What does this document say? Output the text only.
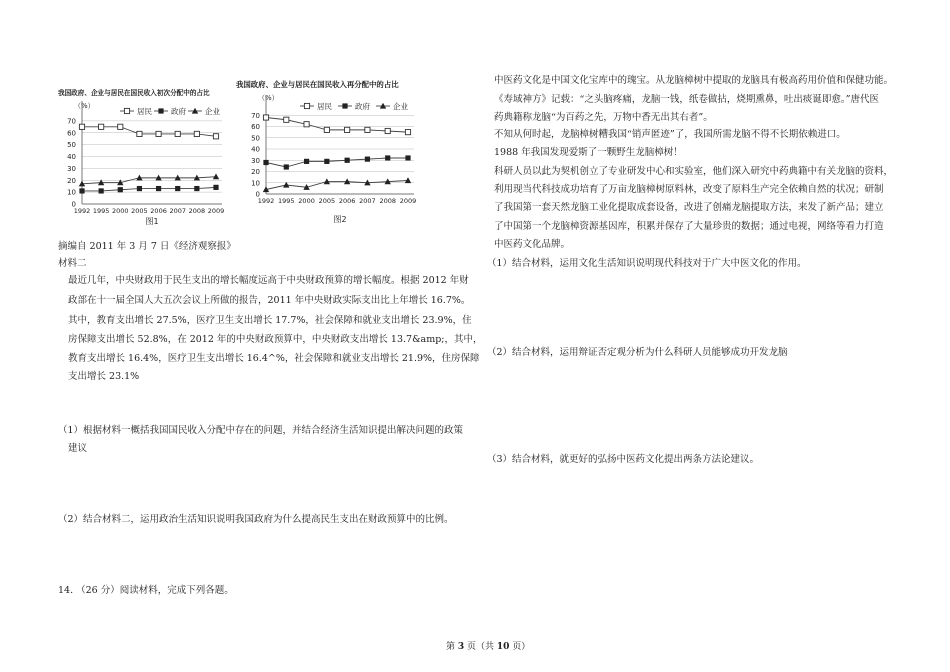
我国政府、企业与居民在国民收入初次分配中的占比
（%）
0
10
20
30
40
50
60
70
1992 1995 2000 2005 2006 2007 2008 2009
居民	政府	企业
图1
我国政府、企业与居民在国民收入再分配中的占比
（%）
0
10
20
30
40
50
60
70
1992 1995 2000 2005 2006 2007 2008 2009
居民	政府	企业
图2
摘编自 2011 年 3 月 7 日《经济观察报》
材料二
最近几年，中央财政用于民生支出的增长幅度远高于中央财政预算的增长幅度。根据 2012 年财
政部在十一届全国人大五次会议上所做的报告，2011 年中央财政实际支出比上年增长 16.7%。
其中，教育支出增长 27.5%，医疗卫生支出增长 17.7%，社会保障和就业支出增长 23.9%，住
房保障支出增长 52.8%，在 2012 年的中央财政预算中，中央财政支出增长 13.7&amp;，其中，
教育支出增长 16.4%，医疗卫生支出增长 16.4^%，社会保障和就业支出增长 21.9%，住房保障
支出增长 23.1%
（1）根据材料一概括我国国民收入分配中存在的问题，并结合经济生活知识提出解决问题的政策
建议
（2）结合材料二，运用政治生活知识说明我国政府为什么提高民生支出在财政预算中的比例。
14. （26 分）阅读材料，完成下列各题。
中医药文化是中国文化宝库中的瑰宝。从龙脑樟树中提取的龙脑具有极高药用价值和保健功能。
《寿域神方》记载：“之头脑疼痛，龙脑一钱，纸卷做拈，烧期熏鼻，吐出痰诞即愈。”唐代医
药典籍称龙脑“为百药之先，万物中香无出其右者”。
不知从何时起，龙脑樟树糟我国“销声匿迹”了，我国所需龙脑不得不长期依赖进口。
1988 年我国发现爱斯了一颗野生龙脑樟树！
科研人员以此为契机创立了专业研发中心和实验室，他们深入研究中药典籍中有关龙脑的资料，
利用现当代科技成功培育了万亩龙脑樟树原料林，改变了原料生产完全依赖自然的状况；研制
了我国第一套天然龙脑工业化提取成套设备，改进了创痛龙脑提取方法，来发了新产品；建立
了中国第一个龙脑樟资源基因库，积累并保存了大量珍贵的数据；通过电视，网络等看力打造
中医药文化品牌。
（1）结合材料，运用文化生活知识说明现代科技对于广大中医文化的作用。
（2）结合材料，运用辩证否定观分析为什么科研人员能够成功开发龙脑
（3）结合材料，就更好的弘扬中医药文化提出两条方法论建议。
第 3 页（共 10 页）
